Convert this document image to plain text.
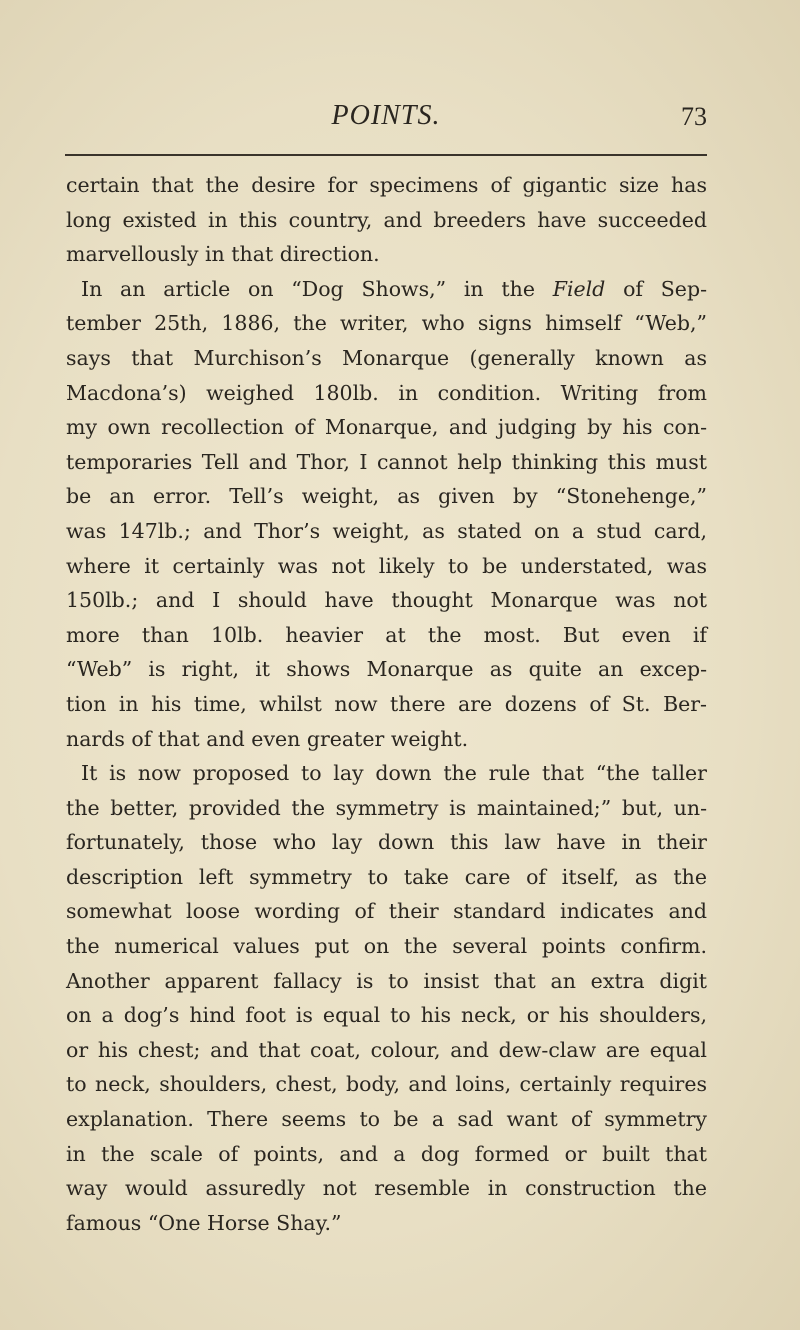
POINTS.	73
certain that the desire for specimens of gigantic size has
long existed in this country, and breeders have succeeded
marvellously in that direction.
In an article on “Dog Shows,” in the Field of Sep-
tember 25th, 1886, the writer, who signs himself “Web,”
says that Murchison’s Monarque (generally known as
Macdona’s) weighed 180lb. in condition. Writing from
my own recollection of Monarque, and judging by his con-
temporaries Tell and Thor, I cannot help thinking this must
be an error. Tell’s weight, as given by “Stonehenge,”
was 147lb.; and Thor’s weight, as stated on a stud card,
where it certainly was not likely to be understated, was
150lb.; and I should have thought Monarque was not
more than 10lb. heavier at the most. But even if
“Web” is right, it shows Monarque as quite an excep-
tion in his time, whilst now there are dozens of St. Ber-
nards of that and even greater weight.
It is now proposed to lay down the rule that “the taller
the better, provided the symmetry is maintained;” but, un-
fortunately, those who lay down this law have in their
description left symmetry to take care of itself, as the
somewhat loose wording of their standard indicates and
the numerical values put on the several points confirm.
Another apparent fallacy is to insist that an extra digit
on a dog’s hind foot is equal to his neck, or his shoulders,
or his chest; and that coat, colour, and dew-claw are equal
to neck, shoulders, chest, body, and loins, certainly requires
explanation. There seems to be a sad want of symmetry
in the scale of points, and a dog formed or built that
way would assuredly not resemble in construction the
famous “One Horse Shay.”
